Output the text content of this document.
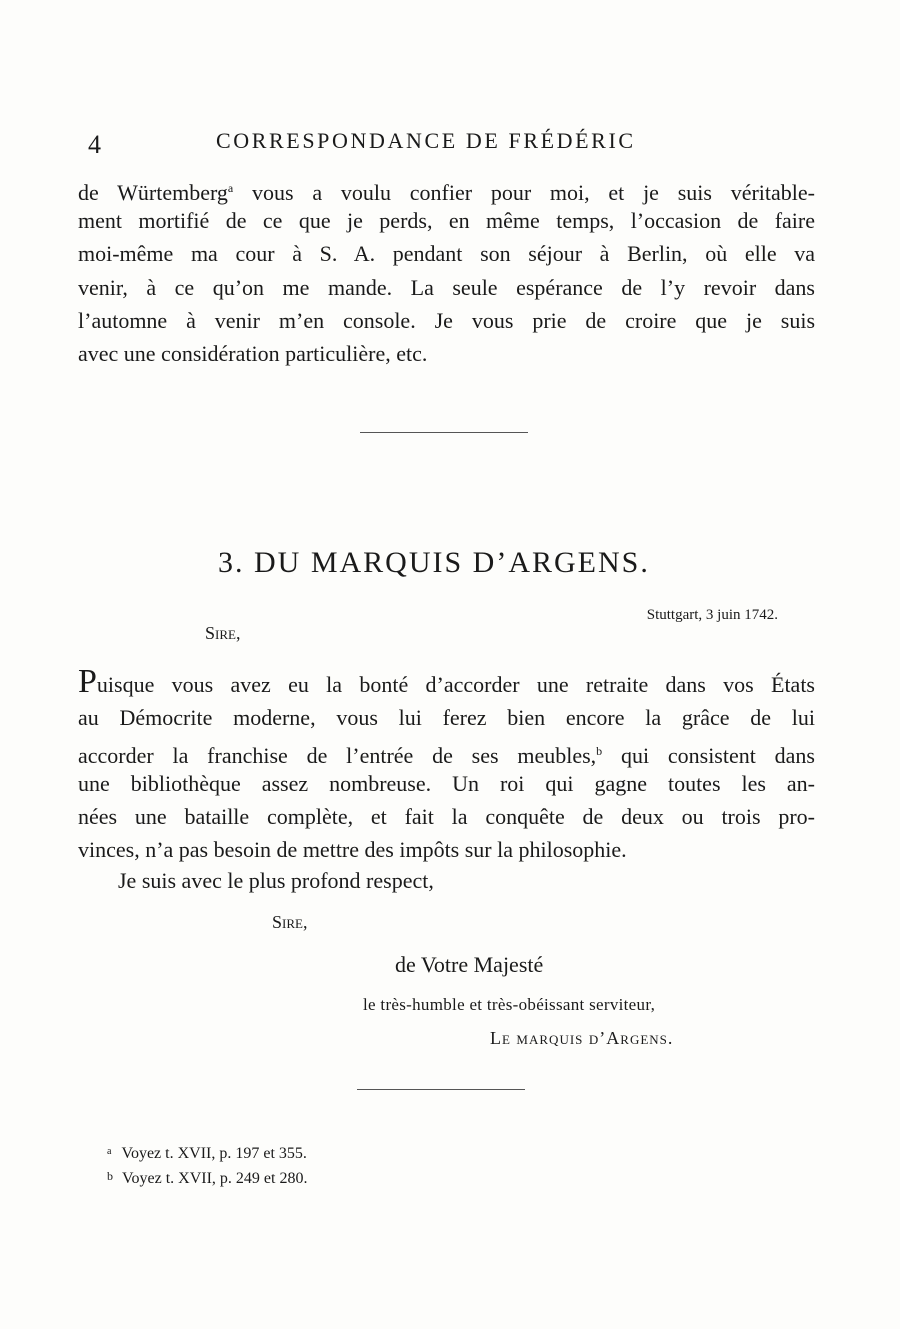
4	CORRESPONDANCE DE FRÉDÉRIC
de Würtemberg$^a$ vous a voulu confier pour moi, et je suis véritable-
ment mortifié de ce que je perds, en même temps, l’occasion de faire
moi-même ma cour à S. A. pendant son séjour à Berlin, où elle va
venir, à ce qu’on me mande. La seule espérance de l’y revoir dans
l’automne à venir m’en console. Je vous prie de croire que je suis
avec une considération particulière, etc.
3. DU MARQUIS D’ARGENS.
Stuttgart, 3 juin 1742.
Sire,
Puisque vous avez eu la bonté d’accorder une retraite dans vos États
au Démocrite moderne, vous lui ferez bien encore la grâce de lui
accorder la franchise de l’entrée de ses meubles,$^b$ qui consistent dans
une bibliothèque assez nombreuse. Un roi qui gagne toutes les an-
nées une bataille complète, et fait la conquête de deux ou trois pro-
vinces, n’a pas besoin de mettre des impôts sur la philosophie.
Je suis avec le plus profond respect,
Sire,
de Votre Majesté
le très-humble et très-obéissant serviteur,
Le marquis d’Argens.
$^a$ Voyez t. XVII, p. 197 et 355.
b Voyez t. XVII, p. 249 et 280.
